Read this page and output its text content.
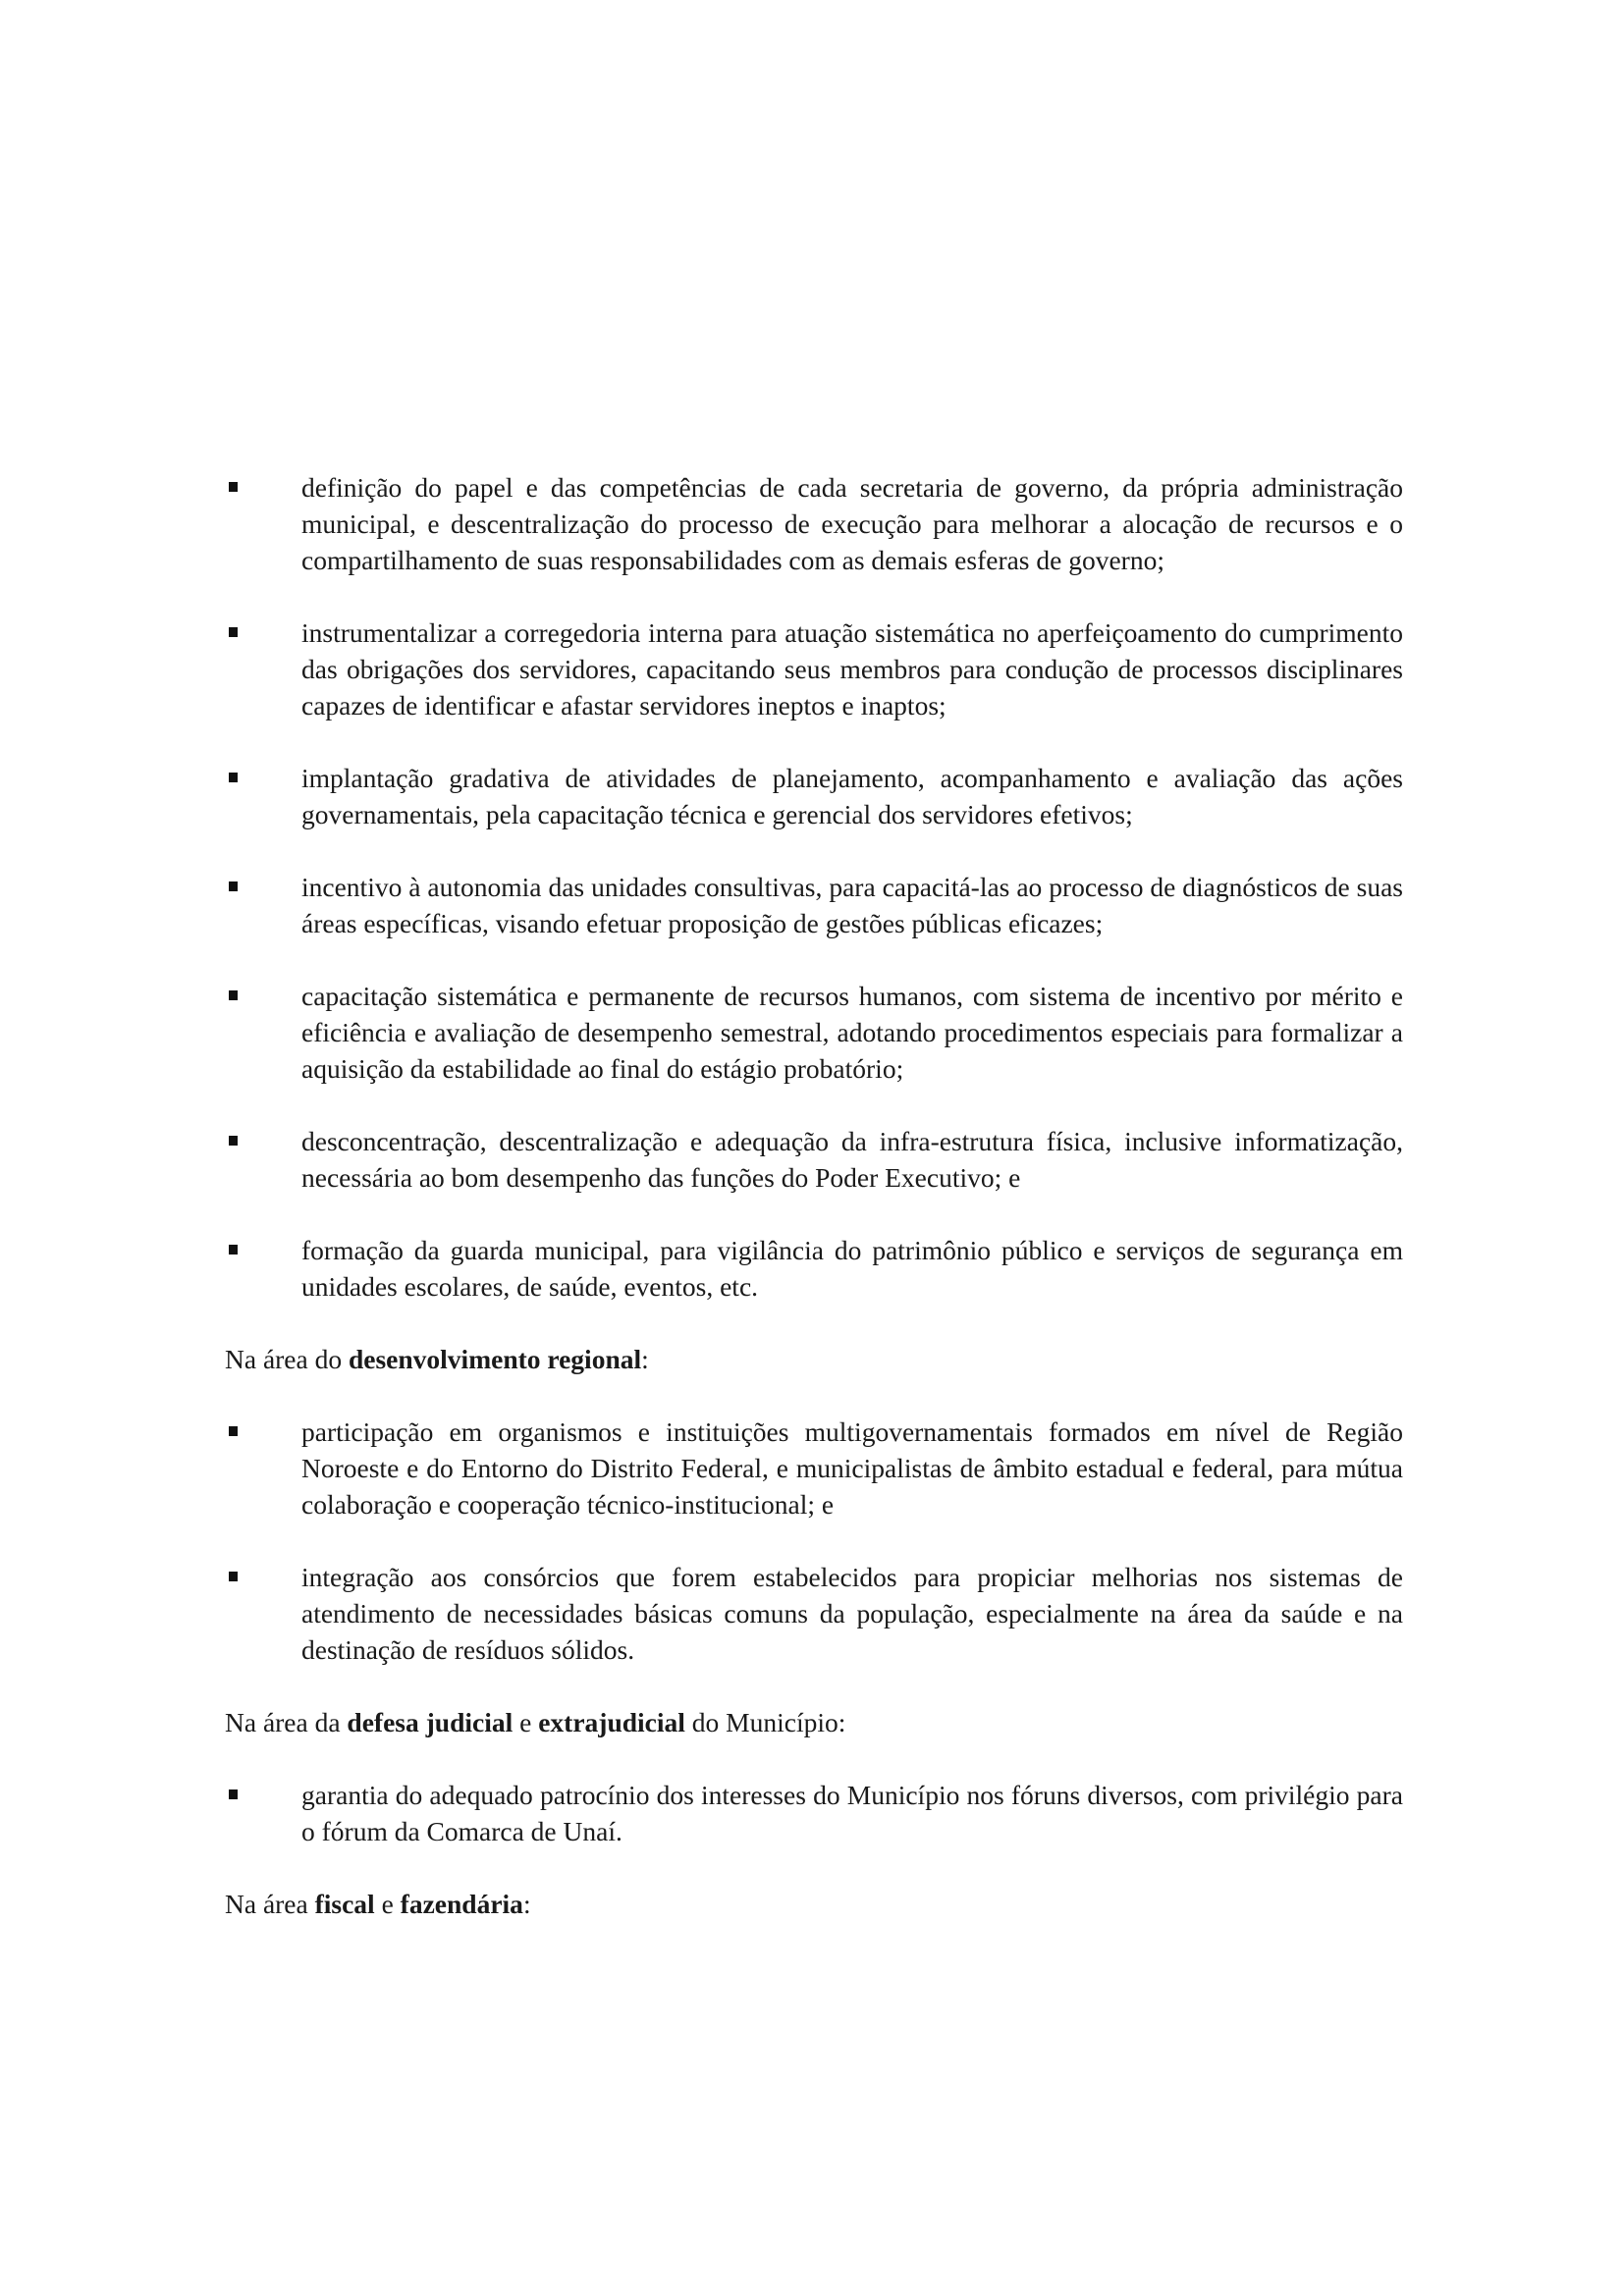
definição do papel e das competências de cada secretaria de governo, da própria administração municipal, e descentralização do processo de execução para melhorar a alocação de recursos e o compartilhamento de suas responsabilidades com as demais esferas de governo;
instrumentalizar a corregedoria interna para atuação sistemática no aperfeiçoamento do cumprimento das obrigações dos servidores, capacitando seus membros para condução de processos disciplinares capazes de identificar e afastar servidores ineptos e inaptos;
implantação gradativa de atividades de planejamento, acompanhamento e avaliação das ações governamentais, pela capacitação técnica e gerencial dos servidores efetivos;
incentivo à autonomia das unidades consultivas, para capacitá-las ao processo de diagnósticos de suas áreas específicas, visando efetuar proposição de gestões públicas eficazes;
capacitação sistemática e permanente de recursos humanos, com sistema de incentivo por mérito e eficiência e avaliação de desempenho semestral, adotando procedimentos especiais para formalizar a aquisição da estabilidade ao final do estágio probatório;
desconcentração, descentralização e adequação da infra-estrutura física, inclusive informatização, necessária ao bom desempenho das funções do Poder Executivo; e
formação da guarda municipal, para vigilância do patrimônio público e serviços de segurança em unidades escolares, de saúde, eventos, etc.

Na área do desenvolvimento regional:

participação em organismos e instituições multigovernamentais formados em nível de Região Noroeste e do Entorno do Distrito Federal, e municipalistas de âmbito estadual e federal, para mútua colaboração e cooperação técnico-institucional; e
integração aos consórcios que forem estabelecidos para propiciar melhorias nos sistemas de atendimento de necessidades básicas comuns da população, especialmente na área da saúde e na destinação de resíduos sólidos.

Na área da defesa judicial e extrajudicial do Município:

garantia do adequado patrocínio dos interesses do Município nos fóruns diversos, com privilégio para o fórum da Comarca de Unaí.

Na área fiscal e fazendária:
